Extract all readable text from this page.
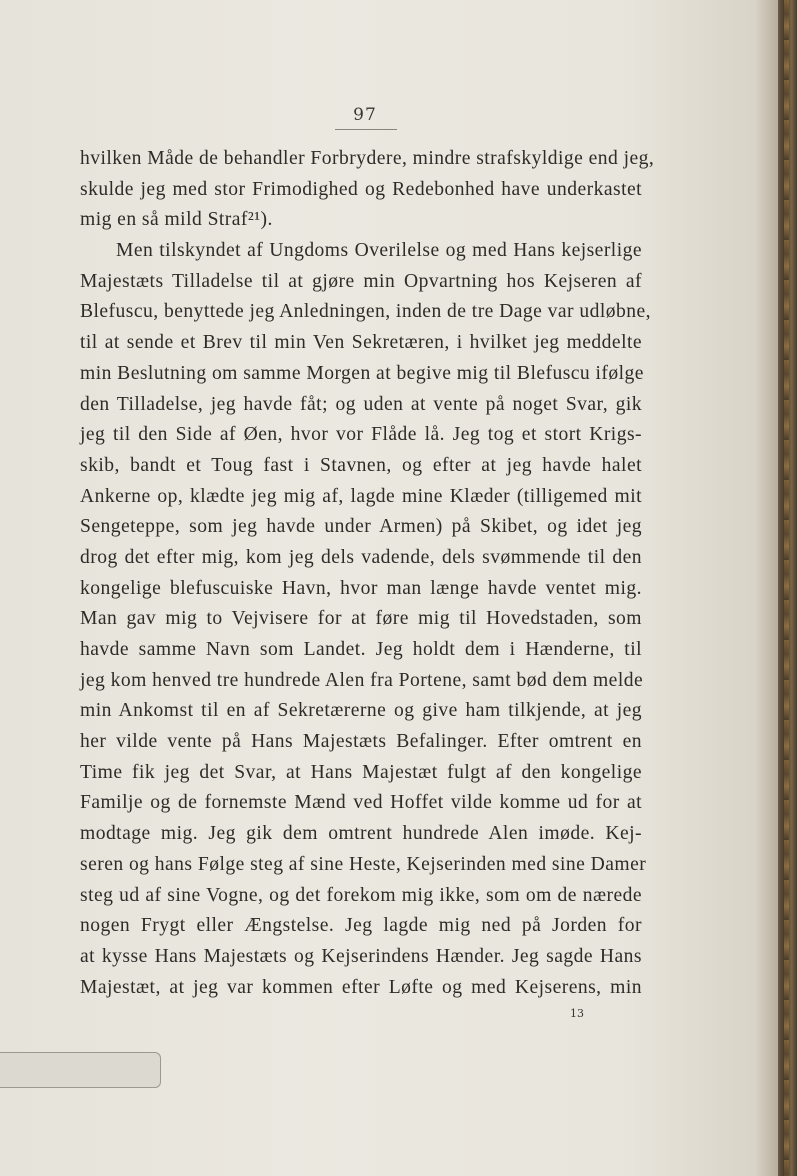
97
hvilken Måde de behandler Forbrydere, mindre strafskyldige end jeg,
skulde jeg med stor Frimodighed og Redebonhed have underkastet
mig en så mild Straf²¹).
Men tilskyndet af Ungdoms Overilelse og med Hans kejserlige
Majestæts Tilladelse til at gjøre min Opvartning hos Kejseren af
Blefuscu, benyttede jeg Anledningen, inden de tre Dage var udløbne,
til at sende et Brev til min Ven Sekretæren, i hvilket jeg meddelte
min Beslutning om samme Morgen at begive mig til Blefuscu ifølge
den Tilladelse, jeg havde fåt; og uden at vente på noget Svar, gik
jeg til den Side af Øen, hvor vor Flåde lå. Jeg tog et stort Krigs-
skib, bandt et Toug fast i Stavnen, og efter at jeg havde halet
Ankerne op, klædte jeg mig af, lagde mine Klæder (tilligemed mit
Sengeteppe, som jeg havde under Armen) på Skibet, og idet jeg
drog det efter mig, kom jeg dels vadende, dels svømmende til den
kongelige blefuscuiske Havn, hvor man længe havde ventet mig.
Man gav mig to Vejvisere for at føre mig til Hovedstaden, som
havde samme Navn som Landet. Jeg holdt dem i Hænderne, til
jeg kom henved tre hundrede Alen fra Portene, samt bød dem melde
min Ankomst til en af Sekretærerne og give ham tilkjende, at jeg
her vilde vente på Hans Majestæts Befalinger. Efter omtrent en
Time fik jeg det Svar, at Hans Majestæt fulgt af den kongelige
Familje og de fornemste Mænd ved Hoffet vilde komme ud for at
modtage mig. Jeg gik dem omtrent hundrede Alen imøde. Kej-
seren og hans Følge steg af sine Heste, Kejserinden med sine Damer
steg ud af sine Vogne, og det forekom mig ikke, som om de nærede
nogen Frygt eller Ængstelse. Jeg lagde mig ned på Jorden for
at kysse Hans Majestæts og Kejserindens Hænder. Jeg sagde Hans
Majestæt, at jeg var kommen efter Løfte og med Kejserens, min
13
